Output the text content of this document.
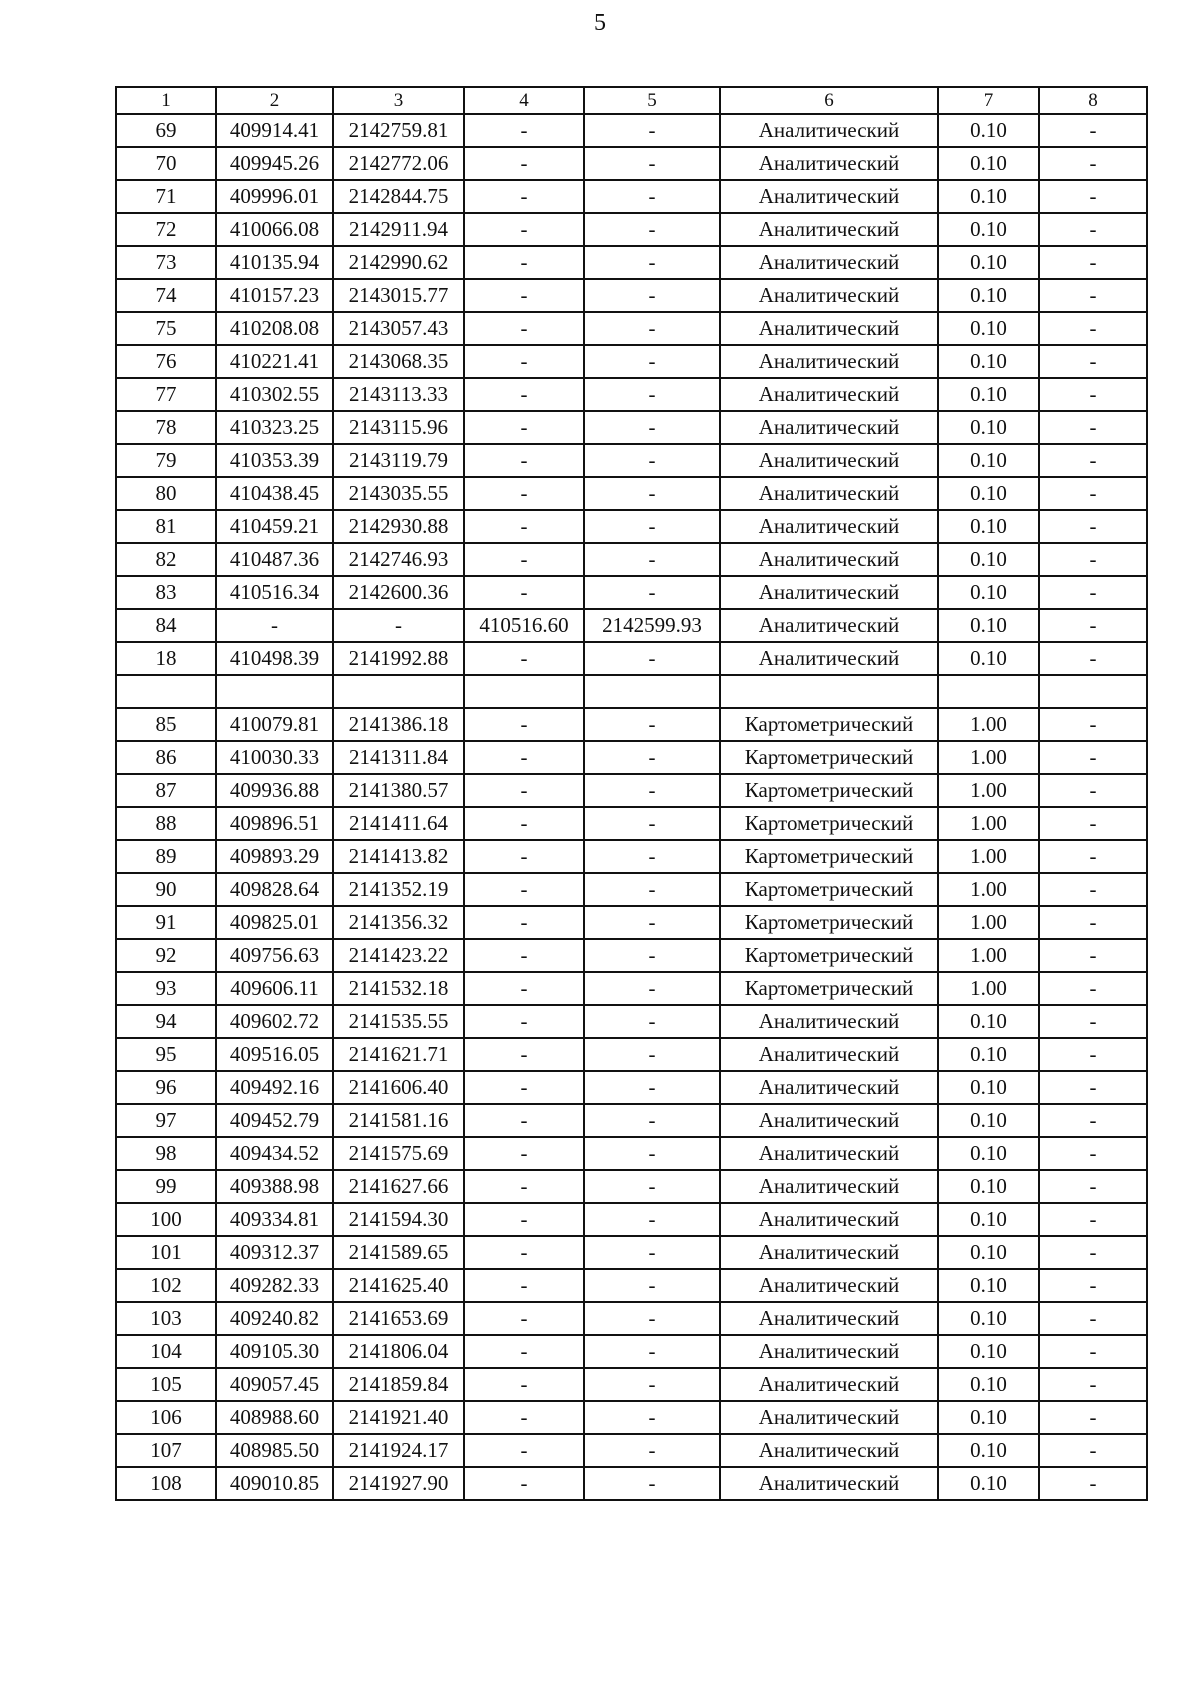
5
1	2	3	4	5	6	7	8
69	409914.41	2142759.81	-	-	Аналитический	0.10	-
70	409945.26	2142772.06	-	-	Аналитический	0.10	-
71	409996.01	2142844.75	-	-	Аналитический	0.10	-
72	410066.08	2142911.94	-	-	Аналитический	0.10	-
73	410135.94	2142990.62	-	-	Аналитический	0.10	-
74	410157.23	2143015.77	-	-	Аналитический	0.10	-
75	410208.08	2143057.43	-	-	Аналитический	0.10	-
76	410221.41	2143068.35	-	-	Аналитический	0.10	-
77	410302.55	2143113.33	-	-	Аналитический	0.10	-
78	410323.25	2143115.96	-	-	Аналитический	0.10	-
79	410353.39	2143119.79	-	-	Аналитический	0.10	-
80	410438.45	2143035.55	-	-	Аналитический	0.10	-
81	410459.21	2142930.88	-	-	Аналитический	0.10	-
82	410487.36	2142746.93	-	-	Аналитический	0.10	-
83	410516.34	2142600.36	-	-	Аналитический	0.10	-
84	-	-	410516.60	2142599.93	Аналитический	0.10	-
18	410498.39	2141992.88	-	-	Аналитический	0.10	-

85	410079.81	2141386.18	-	-	Картометрический	1.00	-
86	410030.33	2141311.84	-	-	Картометрический	1.00	-
87	409936.88	2141380.57	-	-	Картометрический	1.00	-
88	409896.51	2141411.64	-	-	Картометрический	1.00	-
89	409893.29	2141413.82	-	-	Картометрический	1.00	-
90	409828.64	2141352.19	-	-	Картометрический	1.00	-
91	409825.01	2141356.32	-	-	Картометрический	1.00	-
92	409756.63	2141423.22	-	-	Картометрический	1.00	-
93	409606.11	2141532.18	-	-	Картометрический	1.00	-
94	409602.72	2141535.55	-	-	Аналитический	0.10	-
95	409516.05	2141621.71	-	-	Аналитический	0.10	-
96	409492.16	2141606.40	-	-	Аналитический	0.10	-
97	409452.79	2141581.16	-	-	Аналитический	0.10	-
98	409434.52	2141575.69	-	-	Аналитический	0.10	-
99	409388.98	2141627.66	-	-	Аналитический	0.10	-
100	409334.81	2141594.30	-	-	Аналитический	0.10	-
101	409312.37	2141589.65	-	-	Аналитический	0.10	-
102	409282.33	2141625.40	-	-	Аналитический	0.10	-
103	409240.82	2141653.69	-	-	Аналитический	0.10	-
104	409105.30	2141806.04	-	-	Аналитический	0.10	-
105	409057.45	2141859.84	-	-	Аналитический	0.10	-
106	408988.60	2141921.40	-	-	Аналитический	0.10	-
107	408985.50	2141924.17	-	-	Аналитический	0.10	-
108	409010.85	2141927.90	-	-	Аналитический	0.10	-
